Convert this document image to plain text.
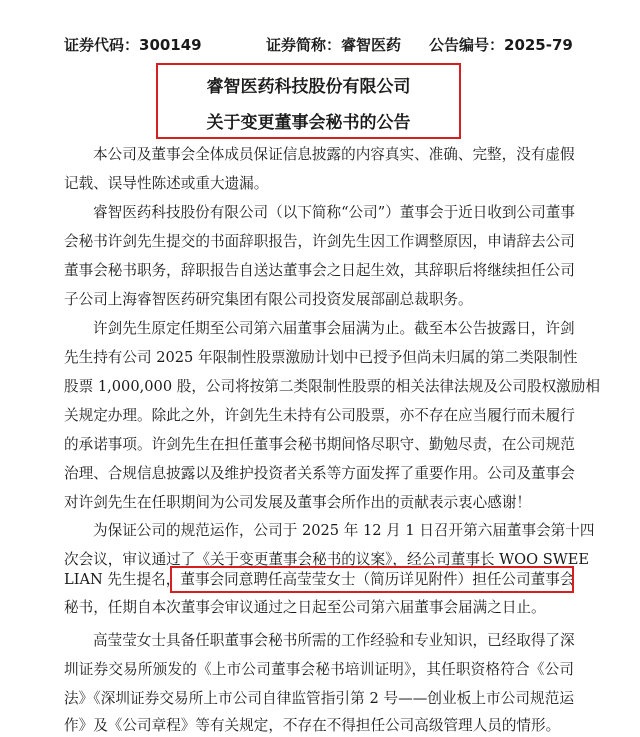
证券代码：300149	证券简称：睿智医药 公告编号：2025-79
睿智医药科技股份有限公司
关于变更董事会秘书的公告
本公司及董事会全体成员保证信息披露的内容真实、准确、完整，没有虚假
记载、误导性陈述或重大遗漏。
睿智医药科技股份有限公司（以下简称“公司”）董事会于近日收到公司董事
会秘书许剑先生提交的书面辞职报告，许剑先生因工作调整原因，申请辞去公司
董事会秘书职务，辞职报告自送达董事会之日起生效，其辞职后将继续担任公司
子公司上海睿智医药研究集团有限公司投资发展部副总裁职务。
许剑先生原定任期至公司第六届董事会届满为止。截至本公告披露日，许剑
先生持有公司 2025 年限制性股票激励计划中已授予但尚未归属的第二类限制性
股票 1,000,000 股，公司将按第二类限制性股票的相关法律法规及公司股权激励相
关规定办理。除此之外，许剑先生未持有公司股票，亦不存在应当履行而未履行
的承诺事项。许剑先生在担任董事会秘书期间恪尽职守、勤勉尽责，在公司规范
治理、合规信息披露以及维护投资者关系等方面发挥了重要作用。公司及董事会
对许剑先生在任职期间为公司发展及董事会所作出的贡献表示衷心感谢！
为保证公司的规范运作，公司于 2025 年 12 月 1 日召开第六届董事会第十四
次会议，审议通过了《关于变更董事会秘书的议案》，经公司董事长 WOO SWEE
LIAN 先生提名，董事会同意聘任高莹莹女士（简历详见附件）担任公司董事会
秘书，任期自本次董事会审议通过之日起至公司第六届董事会届满之日止。
高莹莹女士具备任职董事会秘书所需的工作经验和专业知识，已经取得了深
圳证券交易所颁发的《上市公司董事会秘书培训证明》，其任职资格符合《公司
法》《深圳证券交易所上市公司自律监管指引第 2 号——创业板上市公司规范运
作》及《公司章程》等有关规定，不存在不得担任公司高级管理人员的情形。
